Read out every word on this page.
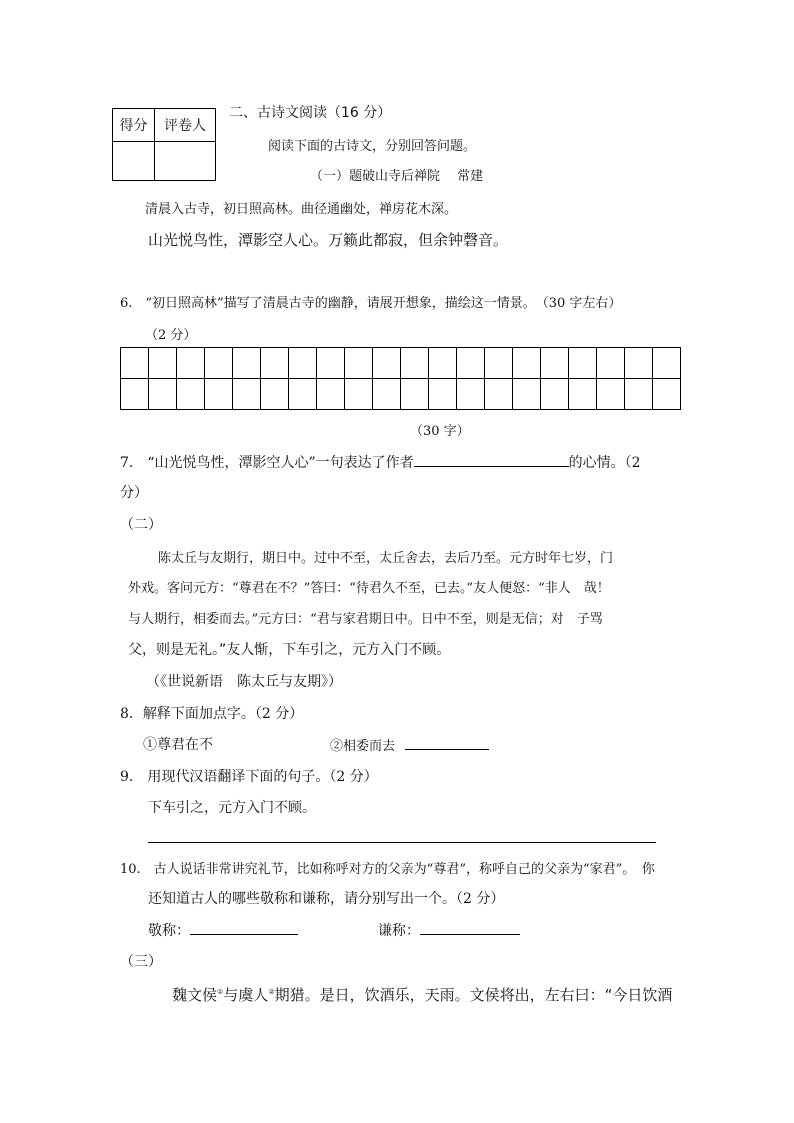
得分	评卷人

二、古诗文阅读（16 分）
阅读下面的古诗文，分别回答问题。
（一）题破山寺后禅院　 常建
清晨入古寺，初日照高林。曲径通幽处，禅房花木深。
山光悦鸟性，潭影空人心。万籁此都寂，但余钟磬音。
6.　“初日照高林”描写了清晨古寺的幽静，请展开想象，描绘这一情景。　（30 字左右）
（2 分）

（30 字）
7.　“山光悦鸟性，潭影空人心”一句表达了作者	的心情。（2
分）
（二）
陈太丘与友期行，期日中。过中不至，太丘舍去，去后乃至。元方时年七岁，门
外戏。客问元方：“尊君在不？”答曰：“待君久不至，已去。”友人便怒：“非人　哉！
与人期行，相委而去。”元方曰：“君与家君期日中。日中不至，则是无信；对　子骂
父，则是无礼。”友人惭，下车引之，元方入门不顾。
（《世说新语　陈太丘与友期》）
8．解释下面加点字。（2 分）
①尊君在不	②相委而去
9.　用现代汉语翻译下面的句子。（2 分）
下车引之，元方入门不顾。
10.　古人说话非常讲究礼节，比如称呼对方的父亲为“尊君”，称呼自己的父亲为“家君”。　你
还知道古人的哪些敬称和谦称，请分别写出一个。（2 分）
敬称：	谦称：
（三）
魏文侯①与虞人②期猎。是日，饮酒乐，天雨。文侯将出，左右曰：“今日饮酒
